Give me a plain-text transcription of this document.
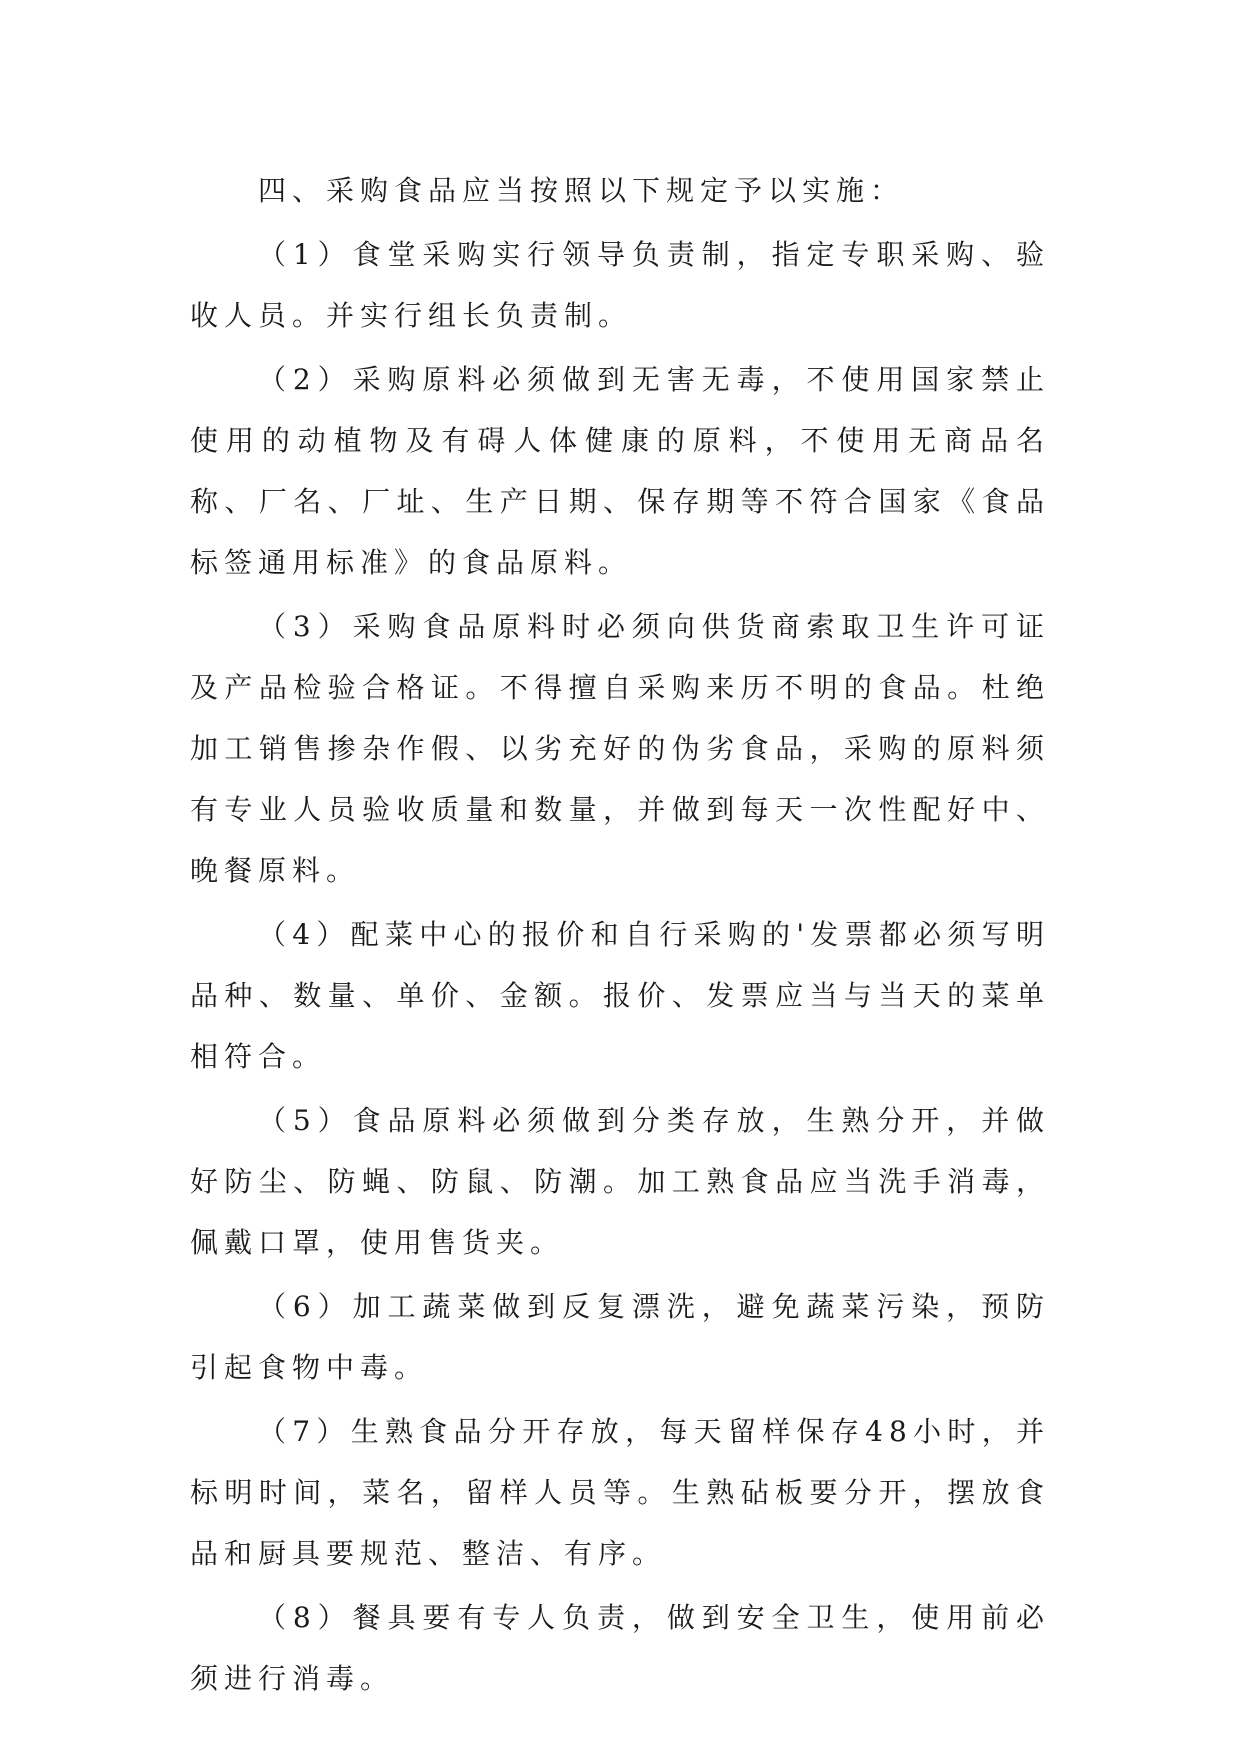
四、采购食品应当按照以下规定予以实施：

（1）食堂采购实行领导负责制，指定专职采购、验收人员。并实行组长负责制。

（2）采购原料必须做到无害无毒，不使用国家禁止使用的动植物及有碍人体健康的原料，不使用无商品名称、厂名、厂址、生产日期、保存期等不符合国家《食品标签通用标准》的食品原料。

（3）采购食品原料时必须向供货商索取卫生许可证及产品检验合格证。不得擅自采购来历不明的食品。杜绝加工销售掺杂作假、以劣充好的伪劣食品，采购的原料须有专业人员验收质量和数量，并做到每天一次性配好中、晚餐原料。

（4）配菜中心的报价和自行采购的'发票都必须写明品种、数量、单价、金额。报价、发票应当与当天的菜单相符合。

（5）食品原料必须做到分类存放，生熟分开，并做好防尘、防蝇、防鼠、防潮。加工熟食品应当洗手消毒，佩戴口罩，使用售货夹。

（6）加工蔬菜做到反复漂洗，避免蔬菜污染，预防引起食物中毒。

（7）生熟食品分开存放，每天留样保存48小时，并标明时间，菜名，留样人员等。生熟砧板要分开，摆放食品和厨具要规范、整洁、有序。

（8）餐具要有专人负责，做到安全卫生，使用前必须进行消毒。
